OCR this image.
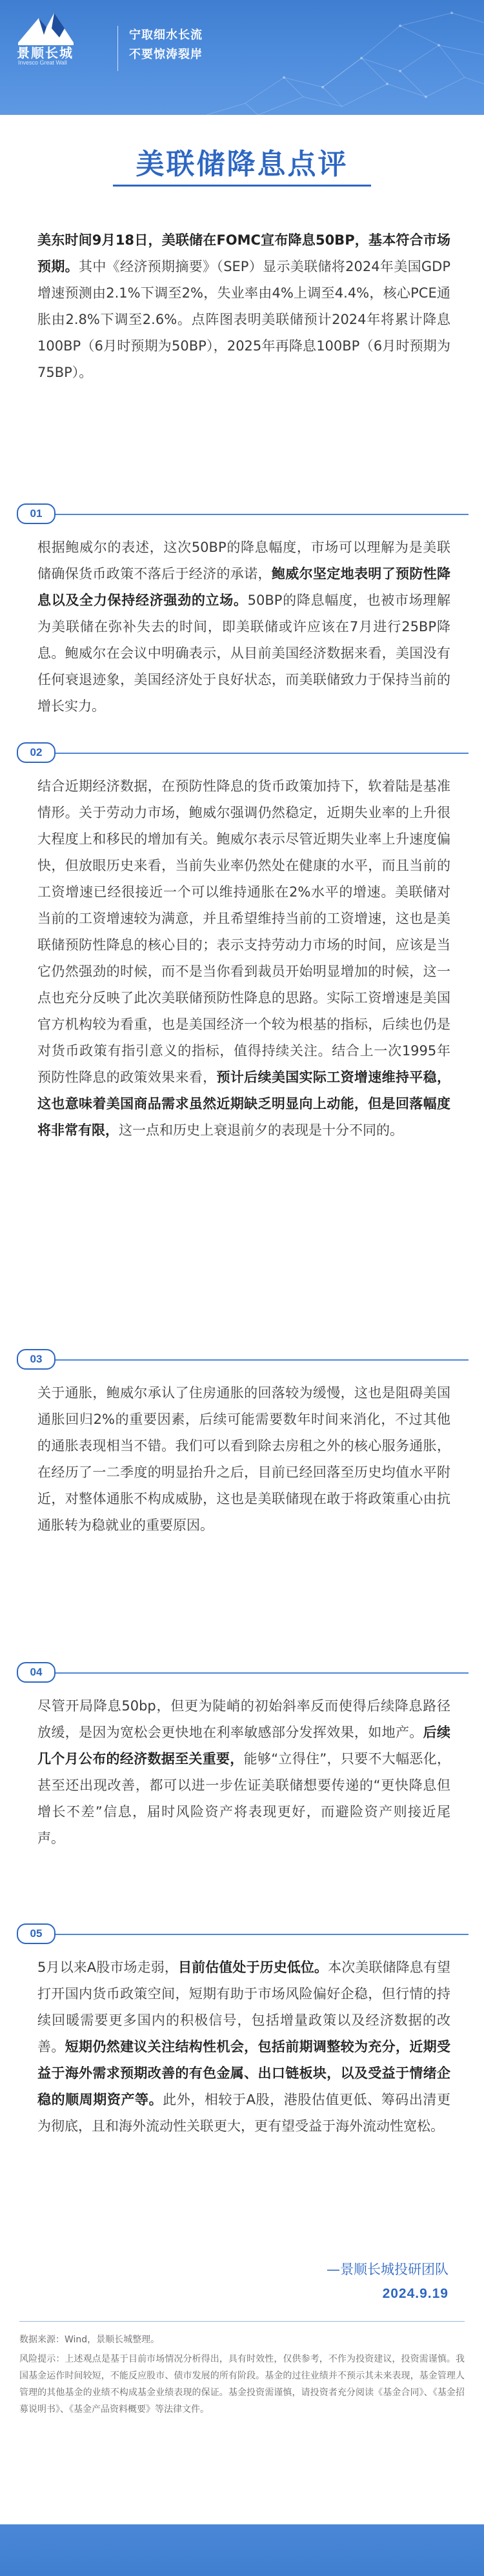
景顺长城
Invesco Great Wall
宁取细水长流
不要惊涛裂岸
美联储降息点评

美东时间9月18日，美联储在FOMC宣布降息50BP，基本符合市场预期。其中《经济预期摘要》（SEP）显示美联储将2024年美国GDP增速预测由2.1%下调至2%，失业率由4%上调至4.4%，核心PCE通胀由2.8%下调至2.6%。点阵图表明美联储预计2024年将累计降息100BP（6月时预期为50BP），2025年再降息100BP（6月时预期为75BP）。

01

根据鲍威尔的表述，这次50BP的降息幅度，市场可以理解为是美联储确保货币政策不落后于经济的承诺，鲍威尔坚定地表明了预防性降息以及全力保持经济强劲的立场。50BP的降息幅度，也被市场理解为美联储在弥补失去的时间，即美联储或许应该在7月进行25BP降息。鲍威尔在会议中明确表示，从目前美国经济数据来看，美国没有任何衰退迹象，美国经济处于良好状态，而美联储致力于保持当前的增长实力。

02

结合近期经济数据，在预防性降息的货币政策加持下，软着陆是基准情形。关于劳动力市场，鲍威尔强调仍然稳定，近期失业率的上升很大程度上和移民的增加有关。鲍威尔表示尽管近期失业率上升速度偏快，但放眼历史来看，当前失业率仍然处在健康的水平，而且当前的工资增速已经很接近一个可以维持通胀在2%水平的增速。美联储对当前的工资增速较为满意，并且希望维持当前的工资增速，这也是美联储预防性降息的核心目的；表示支持劳动力市场的时间，应该是当它仍然强劲的时候，而不是当你看到裁员开始明显增加的时候，这一点也充分反映了此次美联储预防性降息的思路。实际工资增速是美国官方机构较为看重，也是美国经济一个较为根基的指标，后续也仍是对货币政策有指引意义的指标，值得持续关注。结合上一次1995年预防性降息的政策效果来看，预计后续美国实际工资增速维持平稳，这也意味着美国商品需求虽然近期缺乏明显向上动能，但是回落幅度将非常有限，这一点和历史上衰退前夕的表现是十分不同的。

03

关于通胀，鲍威尔承认了住房通胀的回落较为缓慢，这也是阻碍美国通胀回归2%的重要因素，后续可能需要数年时间来消化，不过其他的通胀表现相当不错。我们可以看到除去房租之外的核心服务通胀，在经历了一二季度的明显抬升之后，目前已经回落至历史均值水平附近，对整体通胀不构成威胁，这也是美联储现在敢于将政策重心由抗通胀转为稳就业的重要原因。

04

尽管开局降息50bp，但更为陡峭的初始斜率反而使得后续降息路径放缓，是因为宽松会更快地在利率敏感部分发挥效果，如地产。后续几个月公布的经济数据至关重要，能够“立得住”，只要不大幅恶化，甚至还出现改善，都可以进一步佐证美联储想要传递的“更快降息但增长不差”信息，届时风险资产将表现更好，而避险资产则接近尾声。

05

5月以来A股市场走弱，目前估值处于历史低位。本次美联储降息有望打开国内货币政策空间，短期有助于市场风险偏好企稳，但行情的持续回暖需要更多国内的积极信号，包括增量政策以及经济数据的改善。短期仍然建议关注结构性机会，包括前期调整较为充分，近期受益于海外需求预期改善的有色金属、出口链板块，以及受益于情绪企稳的顺周期资产等。此外，相较于A股，港股估值更低、筹码出清更为彻底，且和海外流动性关联更大，更有望受益于海外流动性宽松。

—景顺长城投研团队
2024.9.19
数据来源：Wind，景顺长城整理。
风险提示：上述观点是基于目前市场情况分析得出，具有时效性，仅供参考，不作为投资建议，投资需谨慎。我国基金运作时间较短，不能反应股市、债市发展的所有阶段。基金的过往业绩并不预示其未来表现，基金管理人管理的其他基金的业绩不构成基金业绩表现的保证。基金投资需谨慎，请投资者充分阅读《基金合同》、《基金招募说明书》、《基金产品资料概要》等法律文件。
